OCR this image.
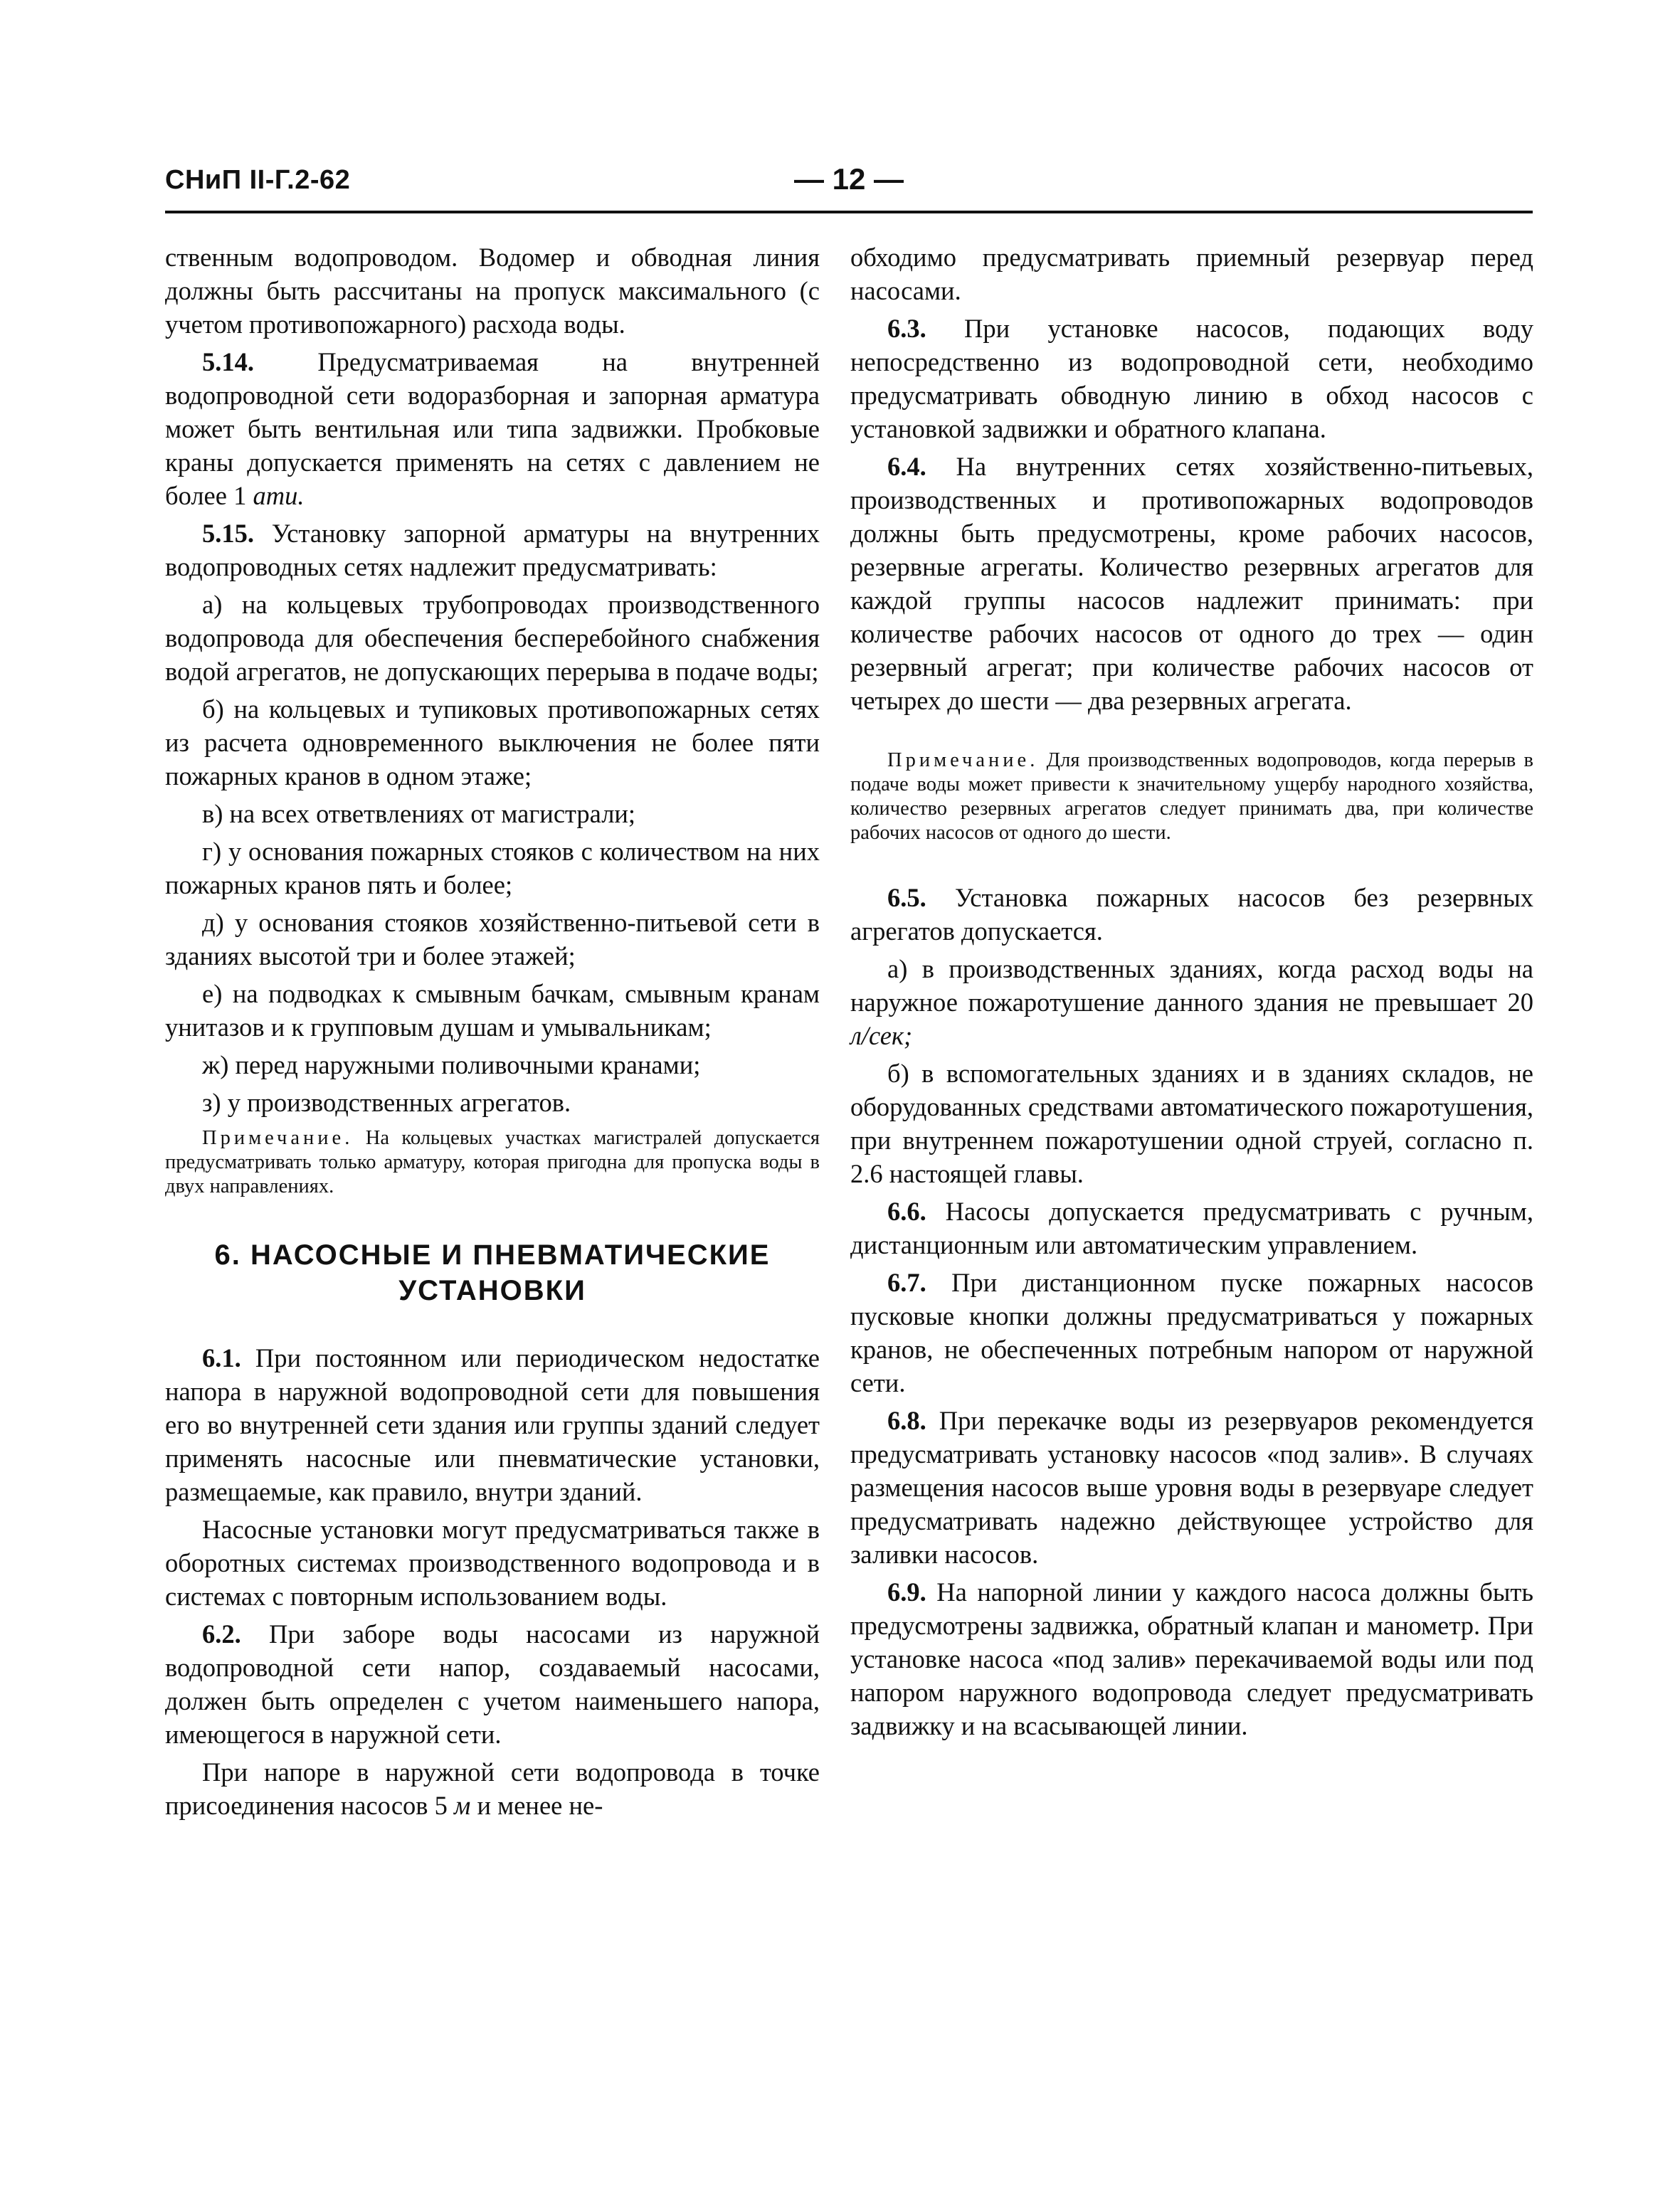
СНиП II-Г.2-62	— 12 —

ственным водопроводом. Водомер и обводная линия должны быть рассчитаны на пропуск максимального (с учетом противопожарного) расхода воды.

5.14. Предусматриваемая на внутренней водопроводной сети водоразборная и запорная арматура может быть вентильная или типа задвижки. Пробковые краны допускается применять на сетях с давлением не более 1 ати.

5.15. Установку запорной арматуры на внутренних водопроводных сетях надлежит предусматривать:

а) на кольцевых трубопроводах производственного водопровода для обеспечения бесперебойного снабжения водой агрегатов, не допускающих перерыва в подаче воды;

б) на кольцевых и тупиковых противопожарных сетях из расчета одновременного выключения не более пяти пожарных кранов в одном этаже;

в) на всех ответвлениях от магистрали;

г) у основания пожарных стояков с количеством на них пожарных кранов пять и более;

д) у основания стояков хозяйственно-питьевой сети в зданиях высотой три и более этажей;

е) на подводках к смывным бачкам, смывным кранам унитазов и к групповым душам и умывальникам;

ж) перед наружными поливочными кранами;

з) у производственных агрегатов.

Примечание. На кольцевых участках магистралей допускается предусматривать только арматуру, которая пригодна для пропуска воды в двух направлениях.
6. НАСОСНЫЕ И ПНЕВМАТИЧЕСКИЕ
УСТАНОВКИ

6.1. При постоянном или периодическом недостатке напора в наружной водопроводной сети для повышения его во внутренней сети здания или группы зданий следует применять насосные или пневматические установки, размещаемые, как правило, внутри зданий.

Насосные установки могут предусматриваться также в оборотных системах производственного водопровода и в системах с повторным использованием воды.

6.2. При заборе воды насосами из наружной водопроводной сети напор, создаваемый насосами, должен быть определен с учетом наименьшего напора, имеющегося в наружной сети.

При напоре в наружной сети водопровода в точке присоединения насосов 5 м и менее не-

обходимо предусматривать приемный резервуар перед насосами.

6.3. При установке насосов, подающих воду непосредственно из водопроводной сети, необходимо предусматривать обводную линию в обход насосов с установкой задвижки и обратного клапана.

6.4. На внутренних сетях хозяйственно-питьевых, производственных и противопожарных водопроводов должны быть предусмотрены, кроме рабочих насосов, резервные агрегаты. Количество резервных агрегатов для каждой группы насосов надлежит принимать: при количестве рабочих насосов от одного до трех — один резервный агрегат; при количестве рабочих насосов от четырех до шести — два резервных агрегата.

Примечание. Для производственных водопроводов, когда перерыв в подаче воды может привести к значительному ущербу народного хозяйства, количество резервных агрегатов следует принимать два, при количестве рабочих насосов от одного до шести.

6.5. Установка пожарных насосов без резервных агрегатов допускается.

а) в производственных зданиях, когда расход воды на наружное пожаротушение данного здания не превышает 20 л/сек;

б) в вспомогательных зданиях и в зданиях складов, не оборудованных средствами автоматического пожаротушения, при внутреннем пожаротушении одной струей, согласно п. 2.6 настоящей главы.

6.6. Насосы допускается предусматривать с ручным, дистанционным или автоматическим управлением.

6.7. При дистанционном пуске пожарных насосов пусковые кнопки должны предусматриваться у пожарных кранов, не обеспеченных потребным напором от наружной сети.

6.8. При перекачке воды из резервуаров рекомендуется предусматривать установку насосов «под залив». В случаях размещения насосов выше уровня воды в резервуаре следует предусматривать надежно действующее устройство для заливки насосов.

6.9. На напорной линии у каждого насоса должны быть предусмотрены задвижка, обратный клапан и манометр. При установке насоса «под залив» перекачиваемой воды или под напором наружного водопровода следует предусматривать задвижку и на всасывающей линии.
